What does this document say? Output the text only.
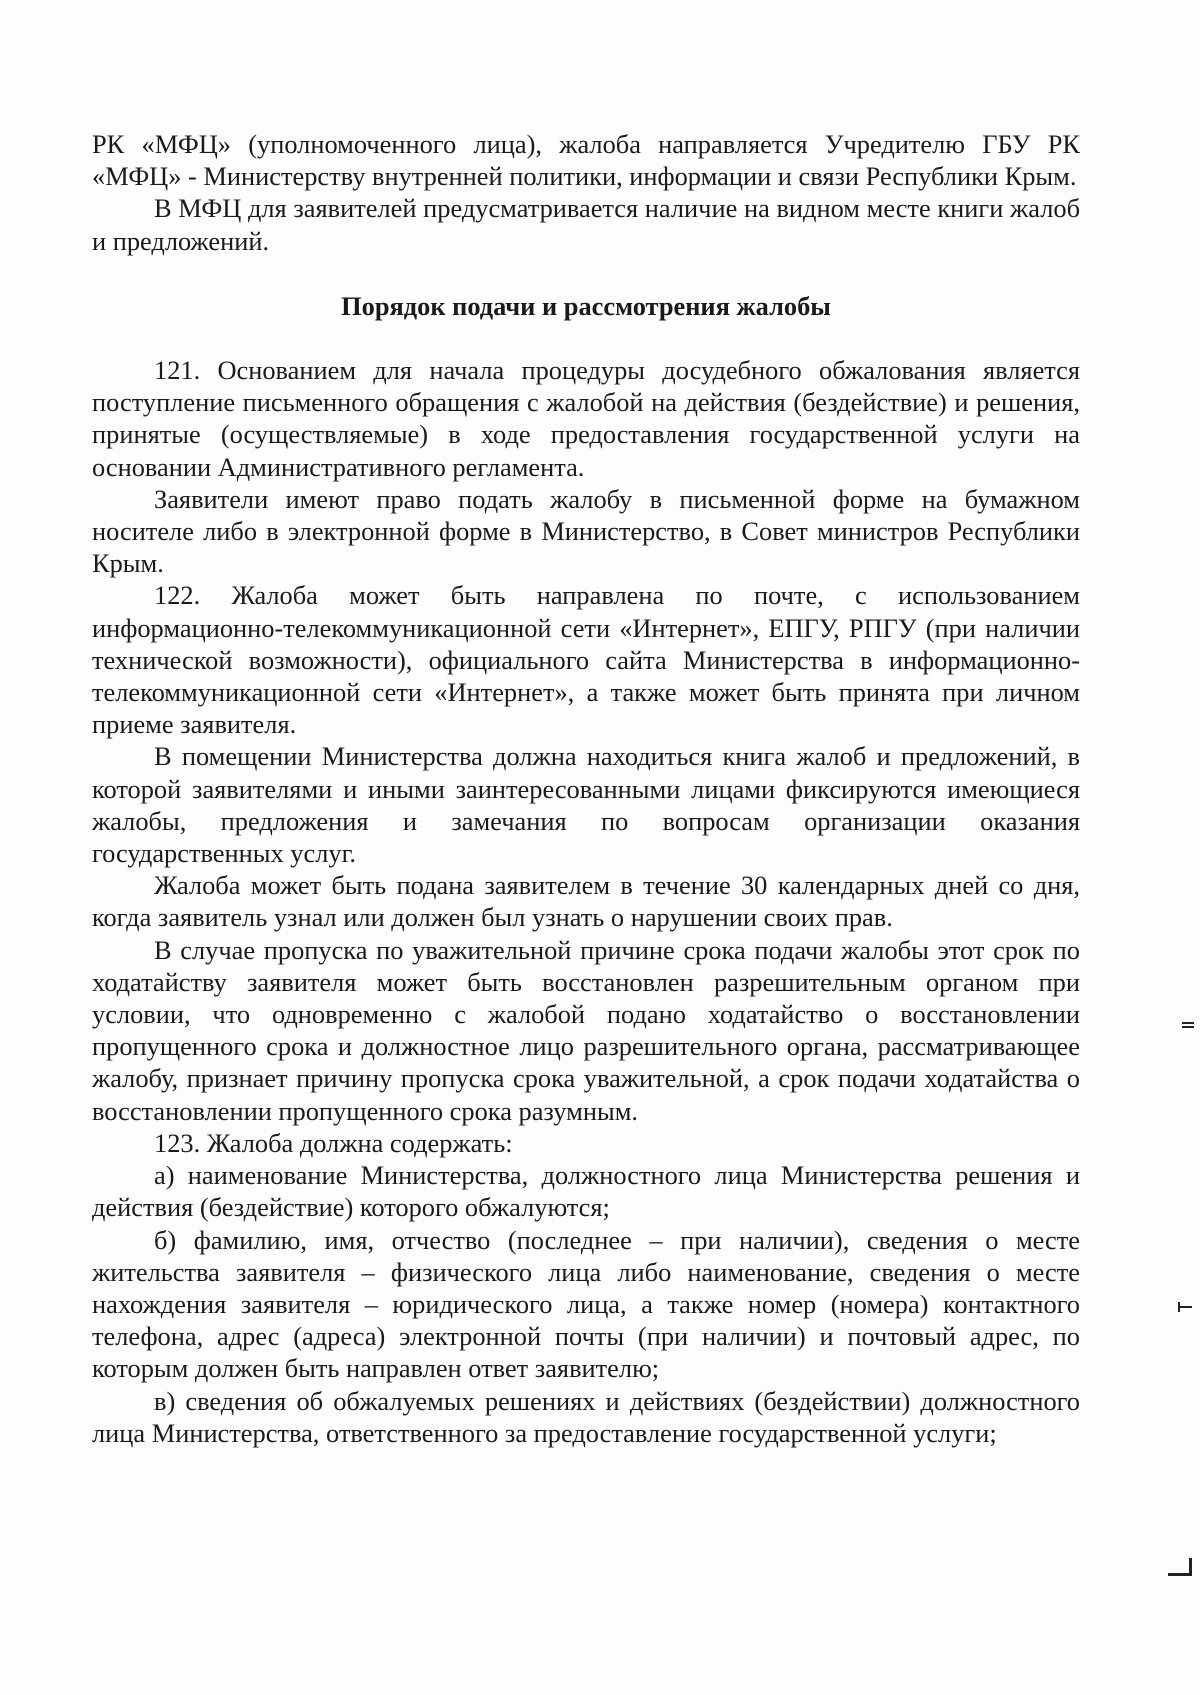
РК «МФЦ» (уполномоченного лица), жалоба направляется Учредителю ГБУ РК «МФЦ» - Министерству внутренней политики, информации и связи Республики Крым.

В МФЦ для заявителей предусматривается наличие на видном месте книги жалоб и предложений.

Порядок подачи и рассмотрения жалобы

121. Основанием для начала процедуры досудебного обжалования является поступление письменного обращения с жалобой на действия (бездействие) и решения, принятые (осуществляемые) в ходе предоставления государственной услуги на основании Административного регламента.

Заявители имеют право подать жалобу в письменной форме на бумажном носителе либо в электронной форме в Министерство, в Совет министров Республики Крым.

122. Жалоба может быть направлена по почте, с использованием информационно-телекоммуникационной сети «Интернет», ЕПГУ, РПГУ (при наличии технической возможности), официального сайта Министерства в информационно-телекоммуникационной сети «Интернет», а также может быть принята при личном приеме заявителя.

В помещении Министерства должна находиться книга жалоб и предложений, в которой заявителями и иными заинтересованными лицами фиксируются имеющиеся жалобы, предложения и замечания по вопросам организации оказания государственных услуг.

Жалоба может быть подана заявителем в течение 30 календарных дней со дня, когда заявитель узнал или должен был узнать о нарушении своих прав.

В случае пропуска по уважительной причине срока подачи жалобы этот срок по ходатайству заявителя может быть восстановлен разрешительным органом при условии, что одновременно с жалобой подано ходатайство о восстановлении пропущенного срока и должностное лицо разрешительного органа, рассматривающее жалобу, признает причину пропуска срока уважительной, а срок подачи ходатайства о восстановлении пропущенного срока разумным.

123. Жалоба должна содержать:

а) наименование Министерства, должностного лица Министерства решения и действия (бездействие) которого обжалуются;

б) фамилию, имя, отчество (последнее – при наличии), сведения о месте жительства заявителя – физического лица либо наименование, сведения о месте нахождения заявителя – юридического лица, а также номер (номера) контактного телефона, адрес (адреса) электронной почты (при наличии) и почтовый адрес, по которым должен быть направлен ответ заявителю;

в) сведения об обжалуемых решениях и действиях (бездействии) должностного лица Министерства, ответственного за предоставление государственной услуги;
